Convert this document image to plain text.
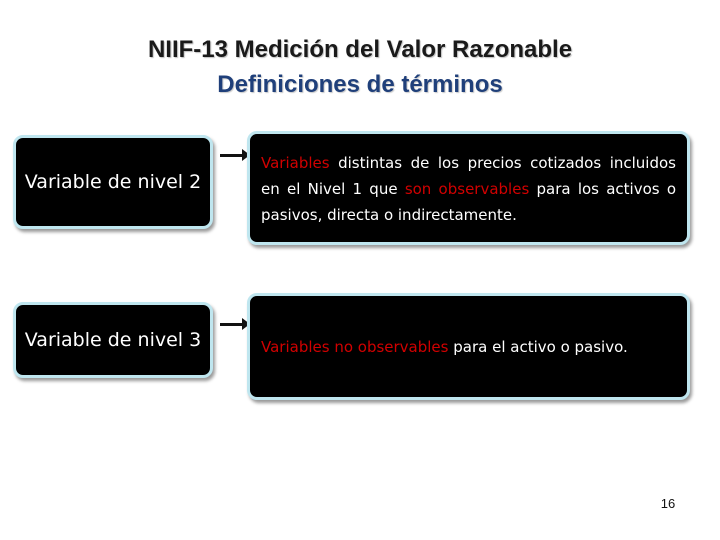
NIIF-13 Medición del Valor Razonable
Definiciones de términos
Variable de nivel 2
Variables distintas de los precios cotizados incluidos en el Nivel 1 que son observables para los activos o pasivos, directa o indirectamente.
Variable de nivel 3	Variables no observables para el activo o pasivo.
16
